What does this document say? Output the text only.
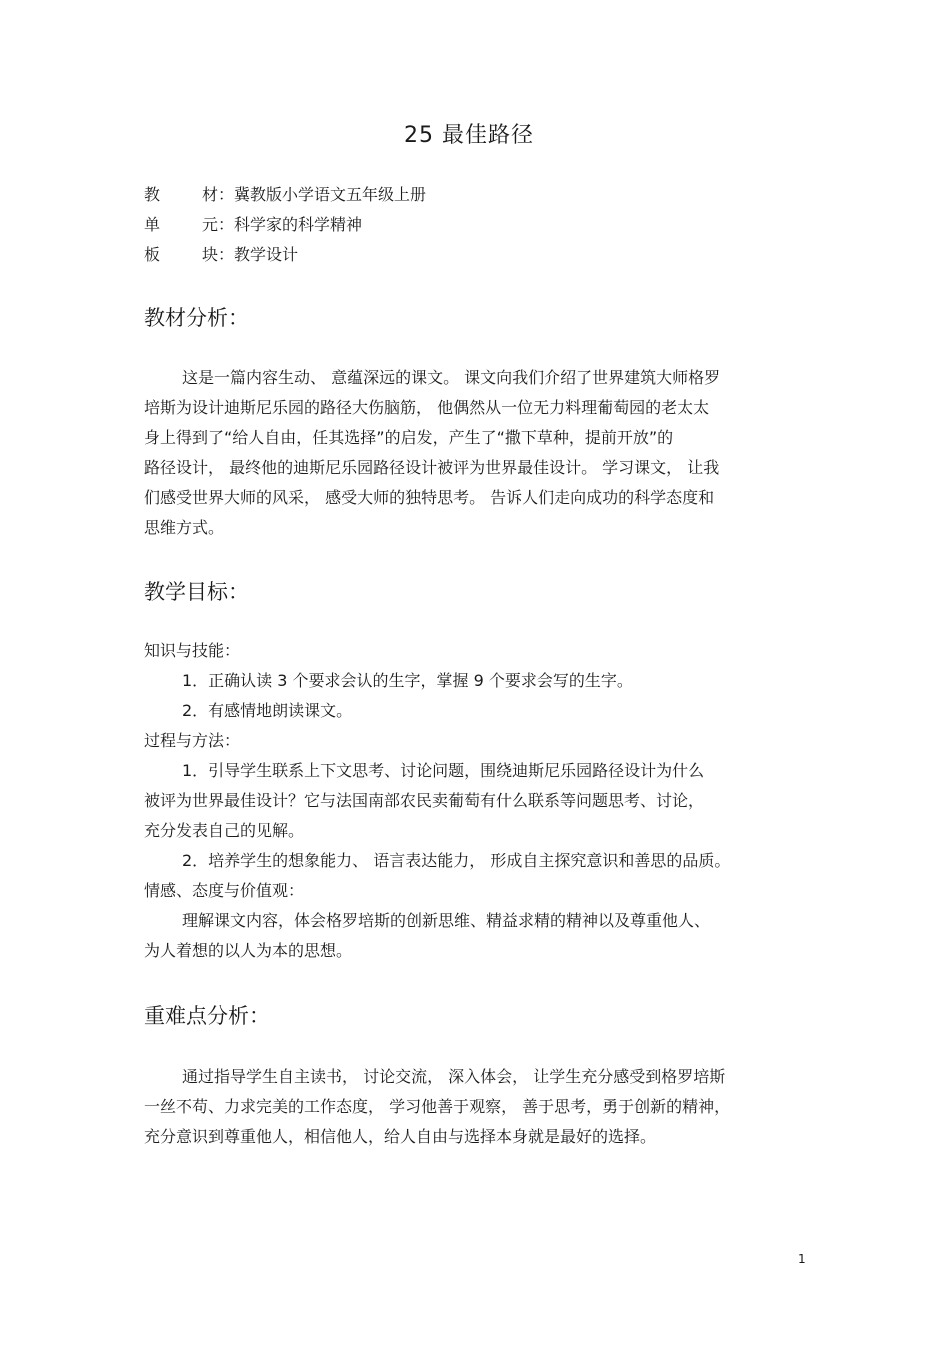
25 最佳路径
教	材：冀教版小学语文五年级上册
单	元：科学家的科学精神
板	块：教学设计
教材分析：
这是一篇内容生动、 意蕴深远的课文。 课文向我们介绍了世界建筑大师格罗
培斯为设计迪斯尼乐园的路径大伤脑筋， 他偶然从一位无力料理葡萄园的老太太
身上得到了“给人自由，任其选择”的启发，产生了“撒下草种，提前开放”的
路径设计， 最终他的迪斯尼乐园路径设计被评为世界最佳设计。 学习课文， 让我
们感受世界大师的风采， 感受大师的独特思考。 告诉人们走向成功的科学态度和
思维方式。
教学目标：
知识与技能：
1．正确认读 3 个要求会认的生字，掌握 9 个要求会写的生字。
2．有感情地朗读课文。
过程与方法：
1．引导学生联系上下文思考、讨论问题，围绕迪斯尼乐园路径设计为什么
被评为世界最佳设计？它与法国南部农民卖葡萄有什么联系等问题思考、讨论，
充分发表自己的见解。
2．培养学生的想象能力、 语言表达能力， 形成自主探究意识和善思的品质。
情感、态度与价值观：
理解课文内容，体会格罗培斯的创新思维、精益求精的精神以及尊重他人、
为人着想的以人为本的思想。
重难点分析：
通过指导学生自主读书， 讨论交流， 深入体会， 让学生充分感受到格罗培斯
一丝不苟、力求完美的工作态度， 学习他善于观察， 善于思考，勇于创新的精神，
充分意识到尊重他人，相信他人，给人自由与选择本身就是最好的选择。
1
